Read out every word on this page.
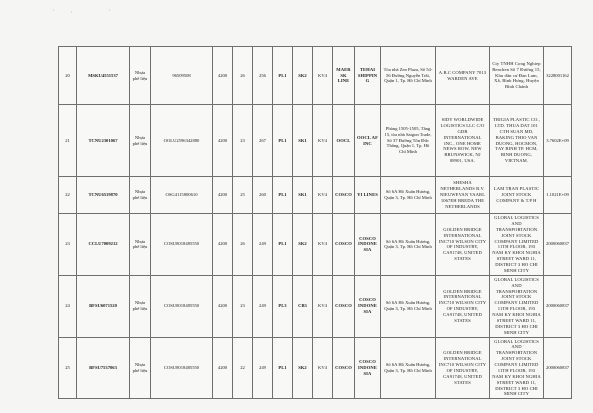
· ·	·
20	MSKU4551537	Nhựa phế liệu	96509508	4200	26	256	PL1	SK2	KV4	MAERSK LINE	TEHAI SHIPPING	Tòa nhà Zen Plaza, Số 54-56 Đường Nguyễn Trãi, Quận 1, Tp. Hồ Chí Minh	A.B.C COMPANY 7013 WARDEN AVE	Cty TNHH Cong Nghiep Benchen Số 7 Đường 15, Khu dân cư Đan Lam, Xã, Bình Hưng, Huyện Bình Chánh	3228001162
21	TCNU2301067	Nhựa phế liệu	OOLU2596342880	4200	23	267	PL1	SK1	KV4	OOCL	OOCL AF INC	Phòng 1505-1505, Tầng 15, tòa nhà Saigon Trade, Số 37 Đường Tôn Đức Thắng, Quận 1, Tp. Hồ Chí Minh	SIDY WORLDWIDE LOGISTICS LLC C/O GDB INTERNATIONAL INC., ONE HOME NEWS ROW, NEW BRUNSWICK, NJ 08901, USA.	TRIGIA PLASTIC CO., LTD. THUA DAT 101 CTH SUAN MD, BAKING THIO VAN DUONG, HOCMON, TAY BINH TP. HCM, BINH DUONG, VIETNAM.	3.7602E+09
22	TCNU6519870	Nhựa phế liệu	OSG4115800610	4200	25	260	PL1	SK1	KV4	COSCO	YI LINES	Số 6A Hồ Xuân Hương, Quận 3, Tp. Hồ Chí Minh	SHESHA NETHERLANDS B.V. NIEUWEVAN VAARL 1067EH BREDA THE NETHERLANDS	LAM TRAN PLASTIC JOINT STOCK COMPANY & T.P H	1.1021E+09
23	CCLU7009212	Nhựa phế liệu	COSU8018485550	4200	26	249	PL1	SK2	KV4	COSCO	COSCO INDONESIA	Số 6A Hồ Xuân Hương, Quận 3, Tp. Hồ Chí Minh	GOLDEN BRIDGE INTERNATIONAL INC710 WILSON CITY OF INDUSTRY, CA91748, UNITED STATES	GLOBAL LOGISTICS AND TRANSPORTATION JOINT STOCK COMPANY LIMITED 11TH FLOOR, 193 NAM KY KHOI NGHIA STREET WARD 11, DISTRICT 3 HO CHI MINH CITY	2000060837
24	BFSU6071520	Nhựa phế liệu	COSU8018485550	4200	23	249	PL3	CB3	KV4	COSCO	COSCO INDONESIA	Số 6A Hồ Xuân Hương, Quận 3, Tp. Hồ Chí Minh	GOLDEN BRIDGE INTERNATIONAL INC710 WILSON CITY OF INDUSTRY, CA91748, UNITED STATES	GLOBAL LOGISTICS AND TRANSPORTATION JOINT STOCK COMPANY LIMITED 11TH FLOOR, 193 NAM KY KHOI NGHIA STREET WARD 11, DISTRICT 3 HO CHI MINH CITY	2000060837
25	BFSU7537063	Nhựa phế liệu	COSU8018485550	4200	22	249	PL1	SK2	KV4	COSCO	COSCO INDONESIA	Số 6A Hồ Xuân Hương, Quận 3, Tp. Hồ Chí Minh	GOLDEN BRIDGE INTERNATIONAL INC710 WILSON CITY OF INDUSTRY, CA91748, UNITED STATES	GLOBAL LOGISTICS AND TRANSPORTATION JOINT STOCK COMPANY LIMITED 11TH FLOOR, 193 NAM KY KHOI NGHIA STREET WARD 11, DISTRICT 3 HO CHI MINH CITY	2000060837
